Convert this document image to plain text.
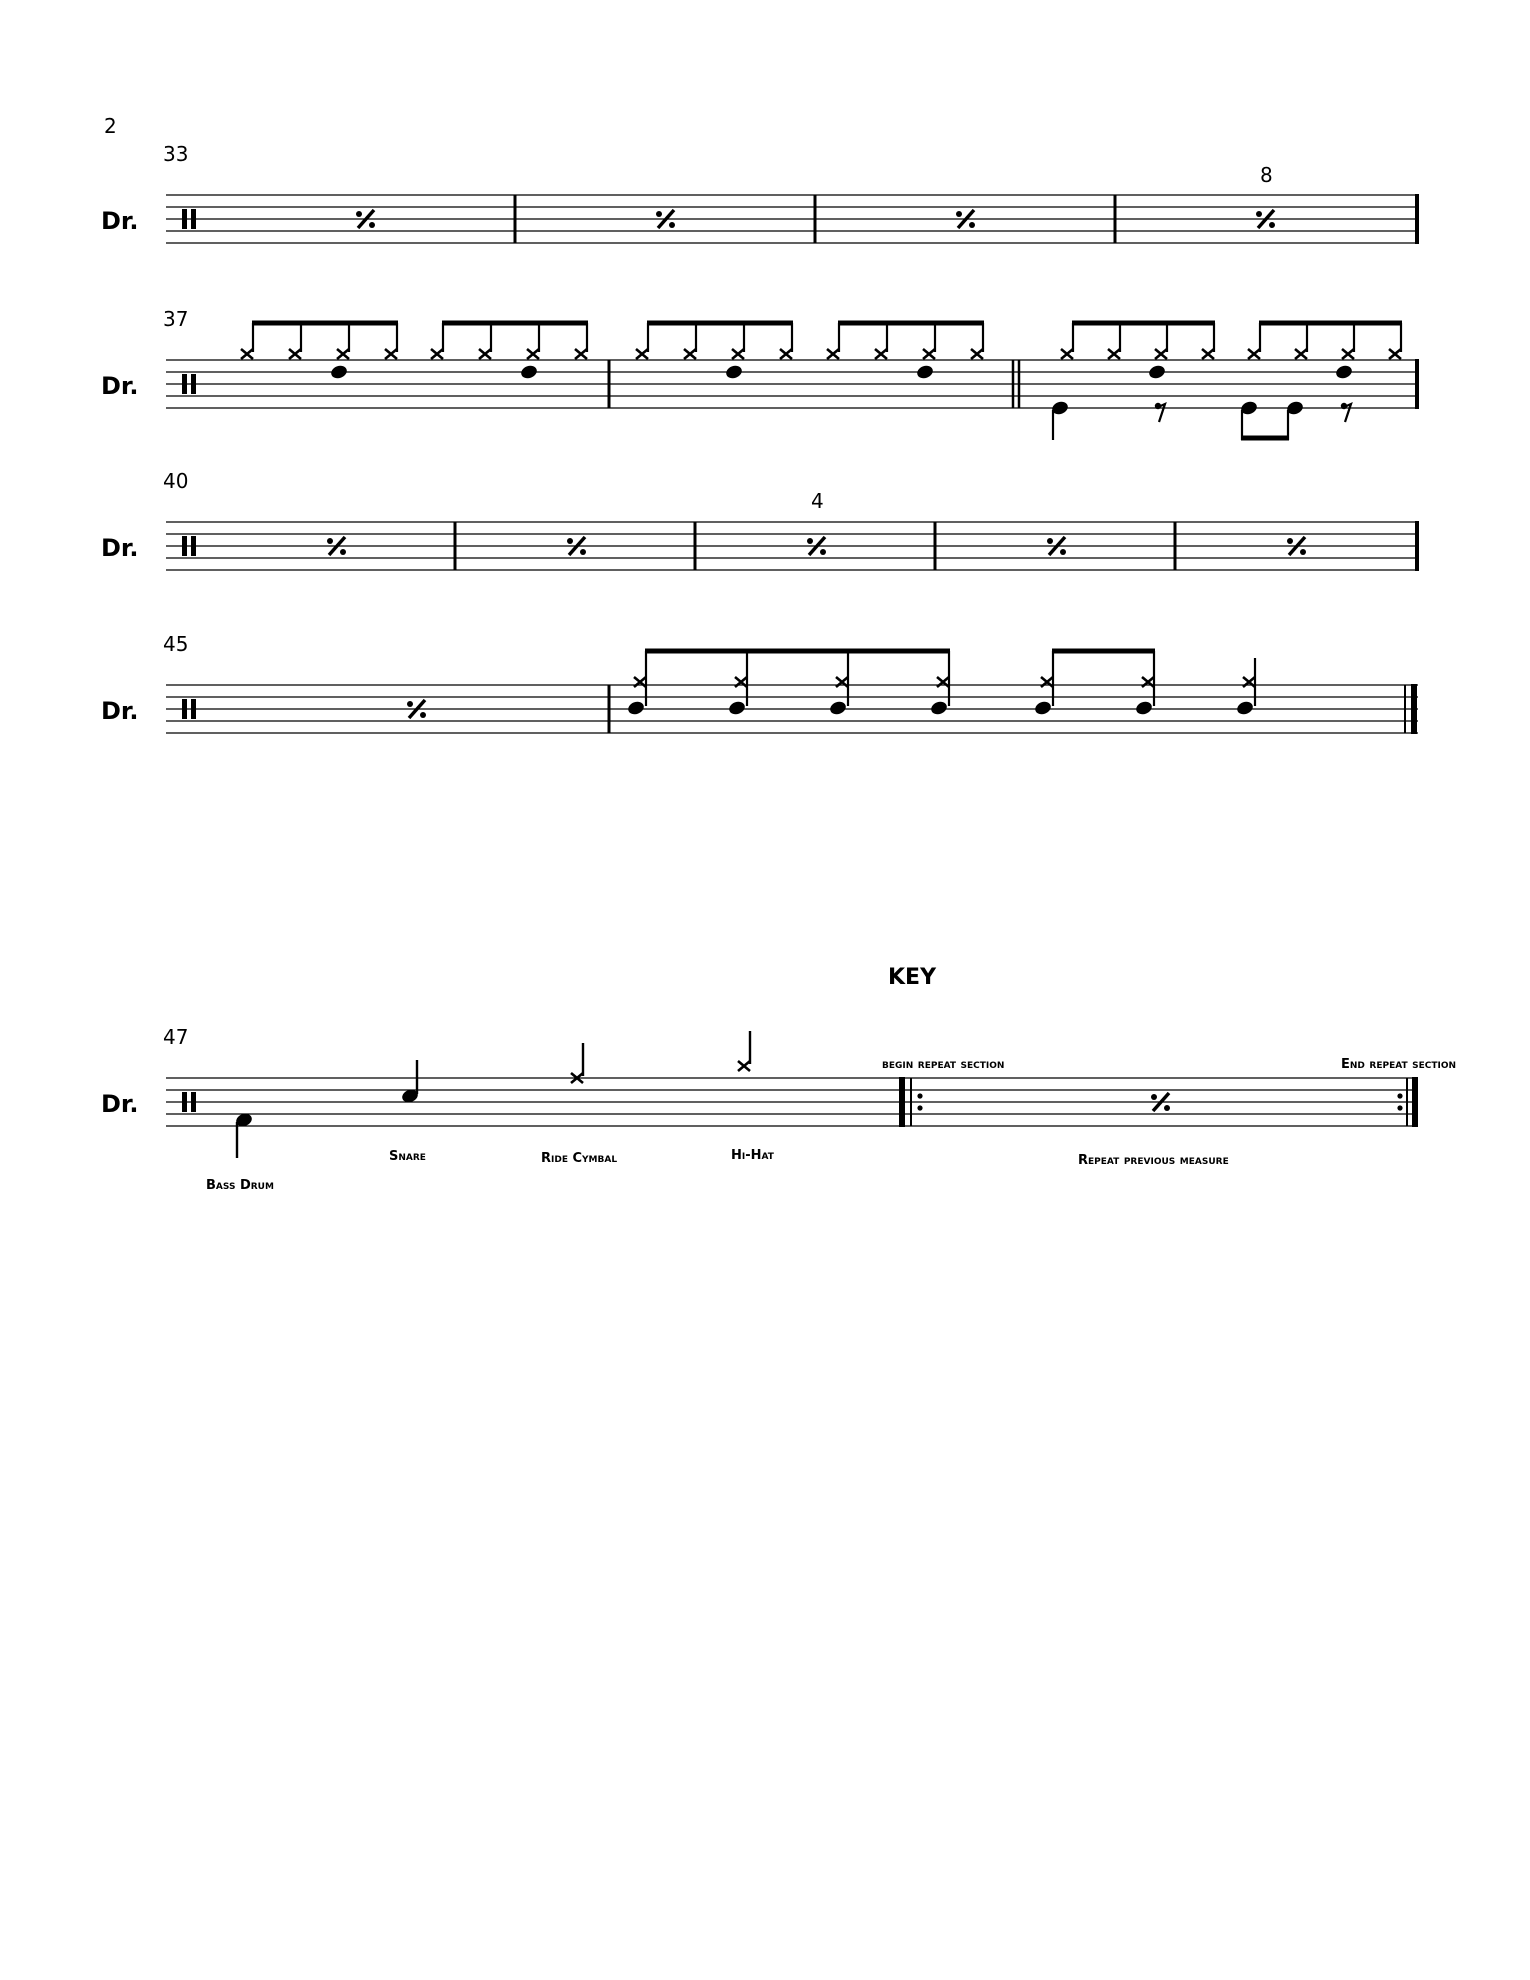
2
33
Dr.
8
37
Dr.
40
Dr.
4
45
Dr.
KEY
47
Dr.
Bass Drum
Snare	Ride Cymbal	Hi-Hat
begin repeat section	End repeat section
Repeat previous measure
